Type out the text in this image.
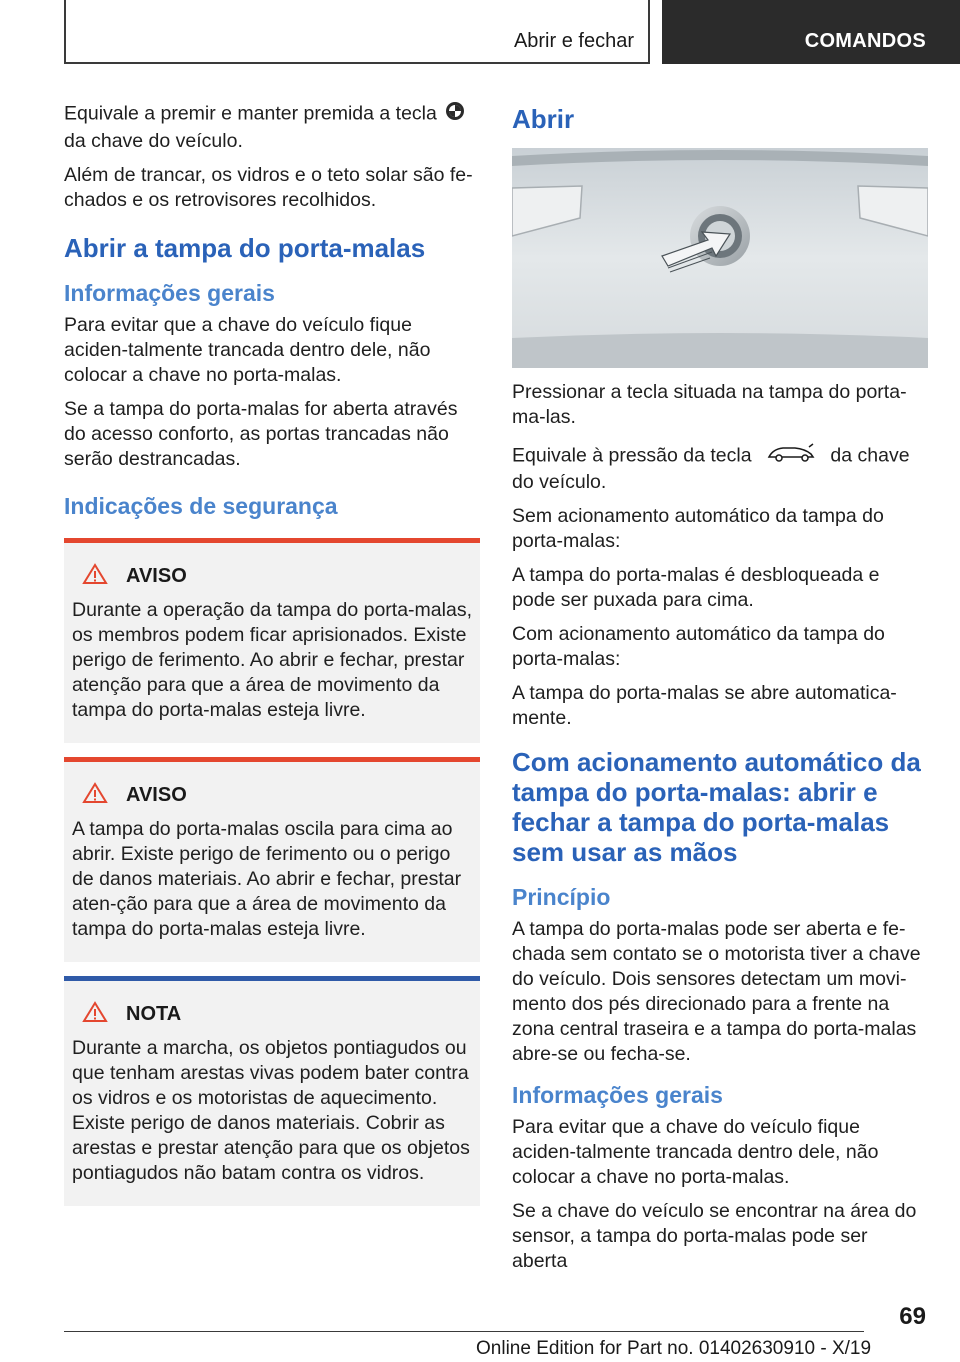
Abrir e fechar	COMANDOS

Equivale a premir e manter premida a tecla
da chave do veículo.

Além de trancar, os vidros e o teto solar são fe-chados e os retrovisores recolhidos.

Abrir a tampa do porta-malas
Informações gerais

Para evitar que a chave do veículo fique aciden-talmente trancada dentro dele, não colocar a chave no porta-malas.

Se a tampa do porta-malas for aberta através do acesso conforto, as portas trancadas não serão destrancadas.

Indicações de segurança
AVISO

Durante a operação da tampa do porta-malas, os membros podem ficar aprisionados. Existe perigo de ferimento. Ao abrir e fechar, prestar atenção para que a área de movimento da tampa do porta-malas esteja livre.

AVISO

A tampa do porta-malas oscila para cima ao abrir. Existe perigo de ferimento ou o perigo de danos materiais. Ao abrir e fechar, prestar aten-ção para que a área de movimento da tampa do porta-malas esteja livre.

NOTA

Durante a marcha, os objetos pontiagudos ou que tenham arestas vivas podem bater contra os vidros e os motoristas de aquecimento. Existe perigo de danos materiais. Cobrir as arestas e prestar atenção para que os objetos pontiagudos não batam contra os vidros.

Abrir

Pressionar a tecla situada na tampa do porta-ma-las.

Equivale à pressão da tecla	da chave do veículo.

Sem acionamento automático da tampa do porta-malas:

A tampa do porta-malas é desbloqueada e pode ser puxada para cima.

Com acionamento automático da tampa do porta-malas:

A tampa do porta-malas se abre automatica-mente.

Com acionamento automático da tampa do porta-malas: abrir e fechar a tampa do porta-malas sem usar as mãos
Princípio

A tampa do porta-malas pode ser aberta e fe-chada sem contato se o motorista tiver a chave do veículo. Dois sensores detectam um movi-mento dos pés direcionado para a frente na zona central traseira e a tampa do porta-malas abre-se ou fecha-se.

Informações gerais

Para evitar que a chave do veículo fique aciden-talmente trancada dentro dele, não colocar a chave no porta-malas.

Se a chave do veículo se encontrar na área do sensor, a tampa do porta-malas pode ser aberta

69
Online Edition for Part no. 01402630910 - X/19
